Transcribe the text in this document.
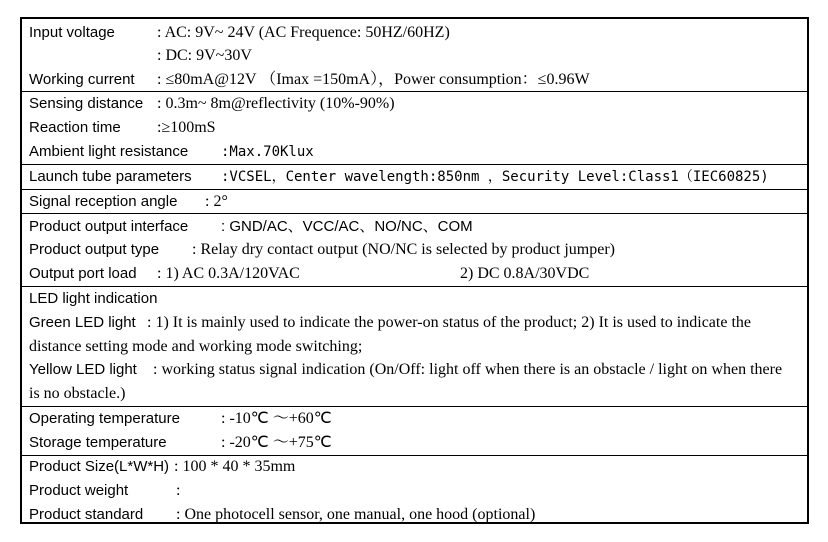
Input voltage	: AC: 9V~ 24V (AC Frequence: 50HZ/60HZ)
: DC: 9V~30V
Working current : ≤80mA@12V （Imax =150mA），Power consumption：≤0.96W
Sensing distance : 0.3m~ 8m@reflectivity (10%-90%)
Reaction time :≥100mS
Ambient light resistance :Max.70Klux
Launch tube parameters :VCSEL，Center wavelength:850nm ，Security Level:Class1（IEC60825)
Signal reception angle : 2°
Product output interface : GND/AC、VCC/AC、NO/NC、COM
Product output type : Relay dry contact output (NO/NC is selected by product jumper)
Output port load : 1) AC 0.3A/120VAC	2) DC 0.8A/30VDC
LED light indication
Green LED light : 1) It is mainly used to indicate the power-on status of the product; 2) It is used to indicate the
distance setting mode and working mode switching;
Yellow LED light : working status signal indication (On/Off: light off when there is an obstacle / light on when there
is no obstacle.)
Operating temperature	: -10℃ ～+60℃
Storage temperature	: -20℃ ～+75℃
Product Size(L*W*H) : 100 * 40 * 35mm
Product weight	:
Product standard : One photocell sensor, one manual, one hood (optional)
